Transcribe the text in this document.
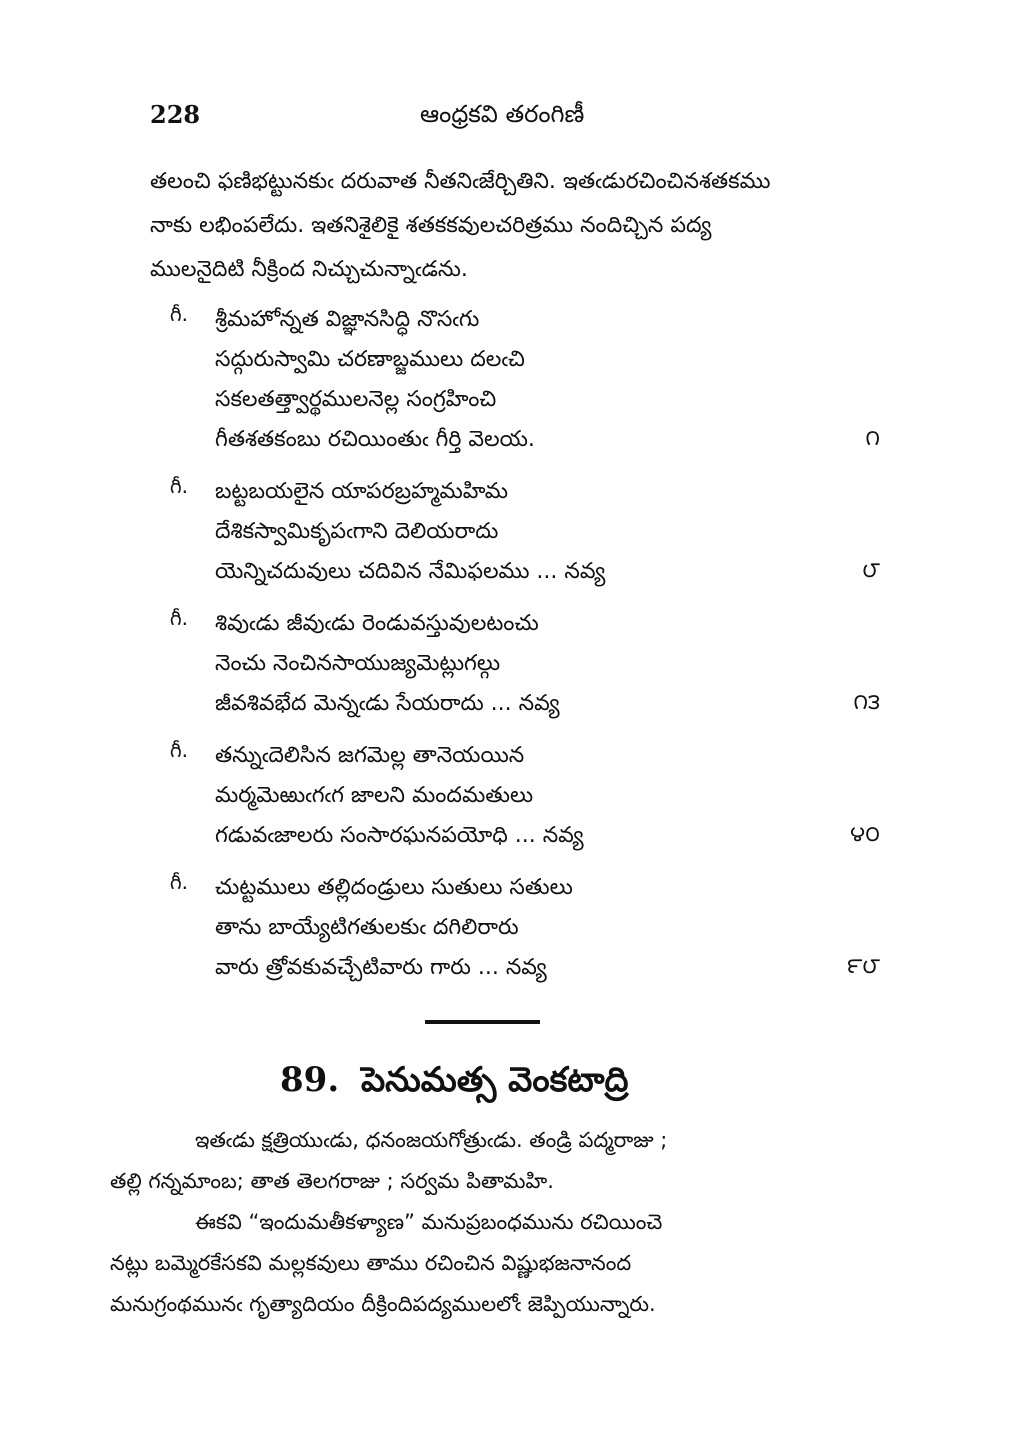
228	ఆంధ్రకవి తరంగిణీ
తలంచి ఫణిభట్టునకుఁ దరువాత నీతనిఁజేర్చితిని. ఇతఁడురచించినశతకము
నాకు లభింపలేదు. ఇతనిశైలికై శతకకవులచరిత్రము నందిచ్చిన పద్య
ములనైదిటి నీక్రింద నిచ్చుచున్నాఁడను.
గీ. శ్రీమహోన్నత విజ్ఞానసిద్ధి నొసఁగు
సద్గురుస్వామి చరణాబ్జములు దలఁచి
సకలతత్త్వార్థములనెల్ల సంగ్రహించి
గీతశతకంబు రచియింతుఁ గీర్తి వెలయ.	౧
గీ. బట్టబయలైన యాపరబ్రహ్మమహిమ
దేశికస్వామికృపఁగాని దెలియరాదు
యెన్నిచదువులు చదివిన నేమిఫలము ... నవ్య	౮
గీ. శివుఁడు జీవుఁడు రెండువస్తువులటంచు
నెంచు నెంచినసాయుజ్యమెట్లుగల్గు
జీవశివభేద మెన్నఁడు సేయరాదు ... నవ్య	౧౩
గీ. తన్నుఁదెలిసిన జగమెల్ల తానెయయిన
మర్మమెఱుఁగఁగ జాలని మందమతులు
గడువఁజాలరు సంసారఘనపయోధి ... నవ్య	౪౦
గీ. చుట్టములు తల్లిదండ్రులు సుతులు సతులు
తాను బాయ్యేటిగతులకుఁ దగిలిరారు
వారు త్రోవకువచ్చేటివారు గారు ... నవ్య	౯౮
89. పెనుమత్స వెంకటాద్రి
ఇతఁడు క్షత్రియుఁడు, ధనంజయగోత్రుఁడు. తండ్రి పద్మరాజు ;
తల్లి గన్నమాంబ; తాత తెలగరాజు ; సర్వమ పితామహి.
ఈకవి “ఇందుమతీకళ్యాణ” మనుప్రబంధమును రచియించె
నట్లు బమ్మెరకేసకవి మల్లకవులు తాము రచించిన విష్ణుభజనానంద
మనుగ్రంథమునఁ గృత్యాదియం దీక్రిందిపద్యములలోఁ జెప్పియున్నారు.
